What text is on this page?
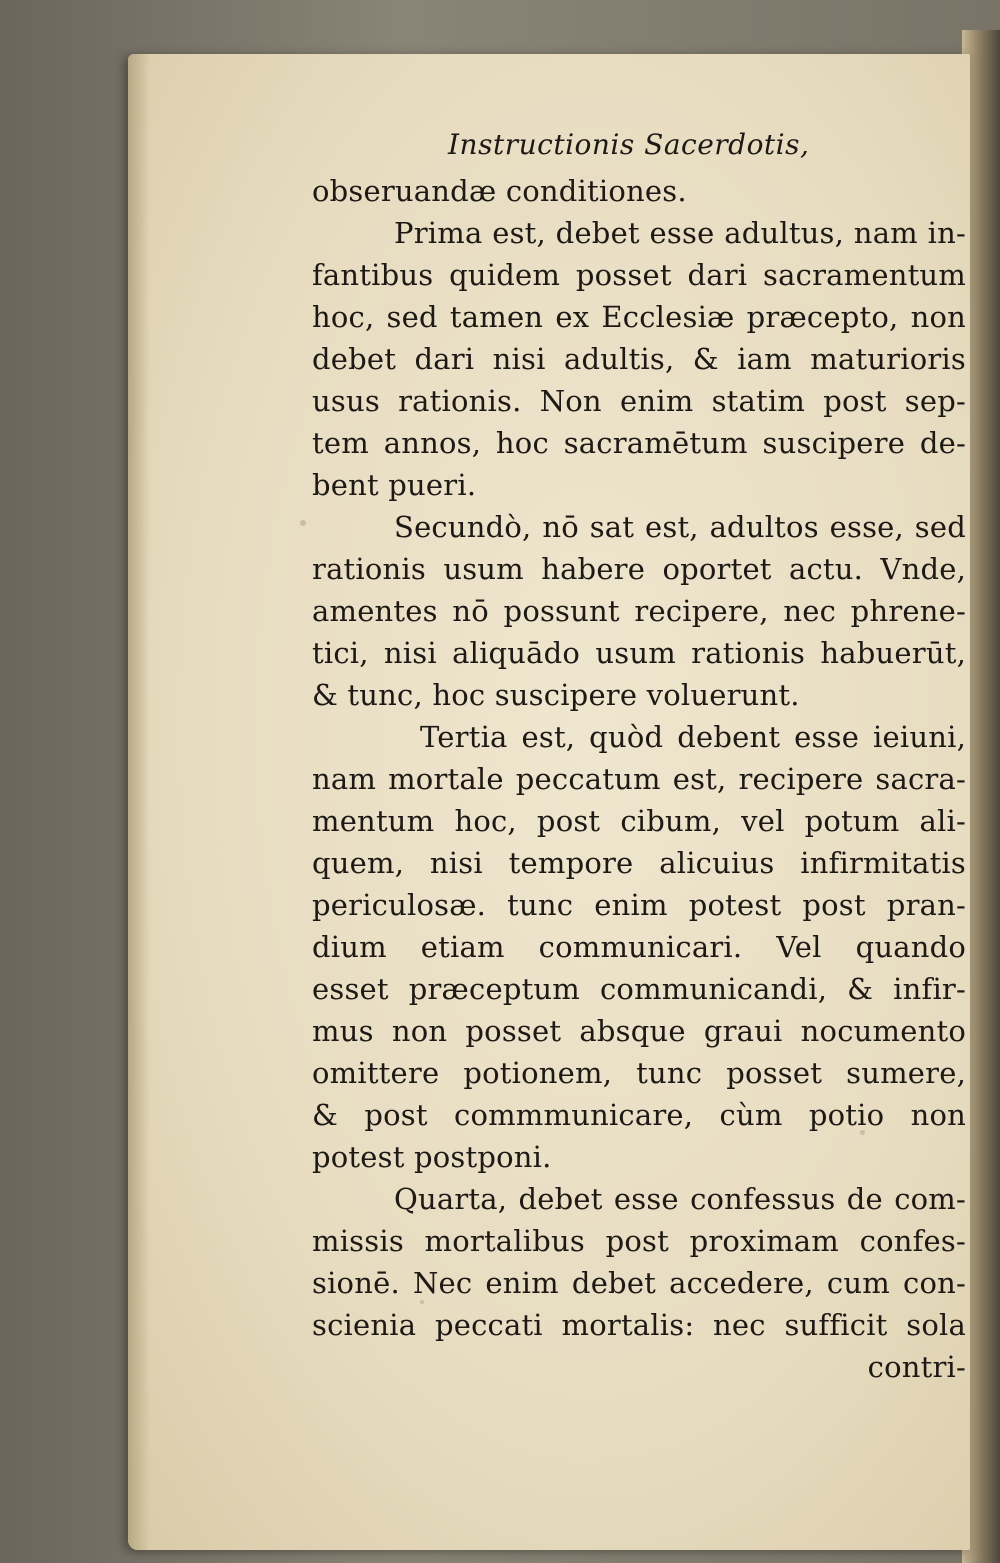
Instructionis Sacerdotis,
obseruandæ conditiones.
Prima est, debet esse adultus, nam in-
fantibus quidem posset dari sacramentum
hoc, sed tamen ex Ecclesiæ præcepto, non
debet dari nisi adultis, & iam maturioris
usus rationis. Non enim statim post sep-
tem annos, hoc sacramētum suscipere de-
bent pueri.
Secundò, nō sat est, adultos esse, sed
rationis usum habere oportet actu. Vnde,
amentes nō possunt recipere, nec phrene-
tici, nisi aliquādo usum rationis habuerūt,
& tunc, hoc suscipere voluerunt.
Tertia est, quòd debent esse ieiuni,
nam mortale peccatum est, recipere sacra-
mentum hoc, post cibum, vel potum ali-
quem, nisi tempore alicuius infirmitatis
periculosæ. tunc enim potest post pran-
dium etiam communicari. Vel quando
esset præceptum communicandi, & infir-
mus non posset absque graui nocumento
omittere potionem, tunc posset sumere,
& post commmunicare, cùm potio non
potest postponi.
Quarta, debet esse confessus de com-
missis mortalibus post proximam confes-
sionē. Nec enim debet accedere, cum con-
scienia peccati mortalis: nec sufficit sola
contri-
